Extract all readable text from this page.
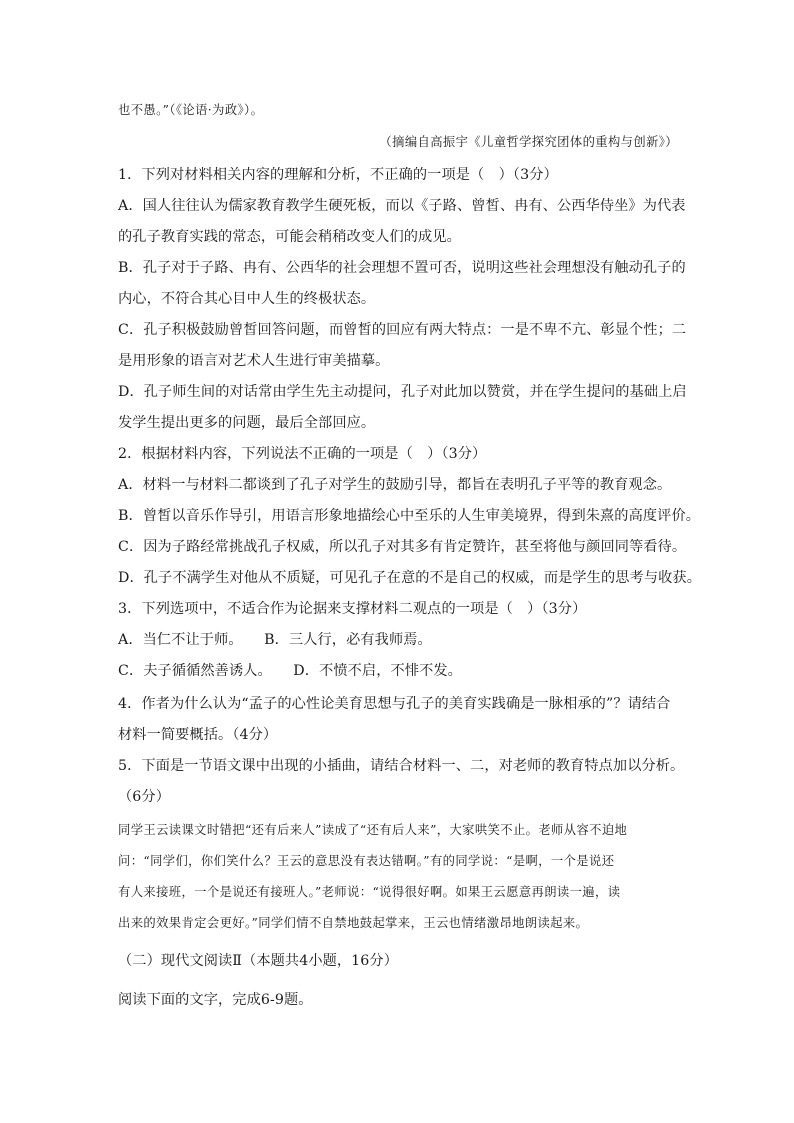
也不愚。”（《论语·为政》）。
（摘编自高振宇《儿童哲学探究团体的重构与创新》）
1．下列对材料相关内容的理解和分析，不正确的一项是（　）（3分）
A．国人往往认为儒家教育教学生硬死板，而以《子路、曾皙、冉有、公西华侍坐》为代表
的孔子教育实践的常态，可能会稍稍改变人们的成见。
B．孔子对于子路、冉有、公西华的社会理想不置可否，说明这些社会理想没有触动孔子的
内心，不符合其心目中人生的终极状态。
C．孔子积极鼓励曾皙回答问题，而曾皙的回应有两大特点：一是不卑不亢、彰显个性；二
是用形象的语言对艺术人生进行审美描摹。
D．孔子师生间的对话常由学生先主动提问，孔子对此加以赞赏，并在学生提问的基础上启
发学生提出更多的问题，最后全部回应。
2．根据材料内容，下列说法不正确的一项是（　）（3分）
A．材料一与材料二都谈到了孔子对学生的鼓励引导，都旨在表明孔子平等的教育观念。
B．曾皙以音乐作导引，用语言形象地描绘心中至乐的人生审美境界，得到朱熹的高度评价。
C．因为子路经常挑战孔子权威，所以孔子对其多有肯定赞许，甚至将他与颜回同等看待。
D．孔子不满学生对他从不质疑，可见孔子在意的不是自己的权威，而是学生的思考与收获。
3．下列选项中，不适合作为论据来支撑材料二观点的一项是（　）（3分）
A．当仁不让于师。　　B．三人行，必有我师焉。
C．夫子循循然善诱人。　　D．不愤不启，不悱不发。
4．作者为什么认为“孟子的心性论美育思想与孔子的美育实践确是一脉相承的”？请结合
材料一简要概括。（4分）
5．下面是一节语文课中出现的小插曲，请结合材料一、二，对老师的教育特点加以分析。
（6分）
同学王云读课文时错把“还有后来人”读成了“还有后人来”，大家哄笑不止。老师从容不迫地
问：“同学们，你们笑什么？王云的意思没有表达错啊。”有的同学说：“是啊，一个是说还
有人来接班，一个是说还有接班人。”老师说：“说得很好啊。如果王云愿意再朗读一遍，读
出来的效果肯定会更好。”同学们情不自禁地鼓起掌来，王云也情绪激昂地朗读起来。
（二）现代文阅读Ⅱ（本题共4小题，16分）
阅读下面的文字，完成6-9题。
